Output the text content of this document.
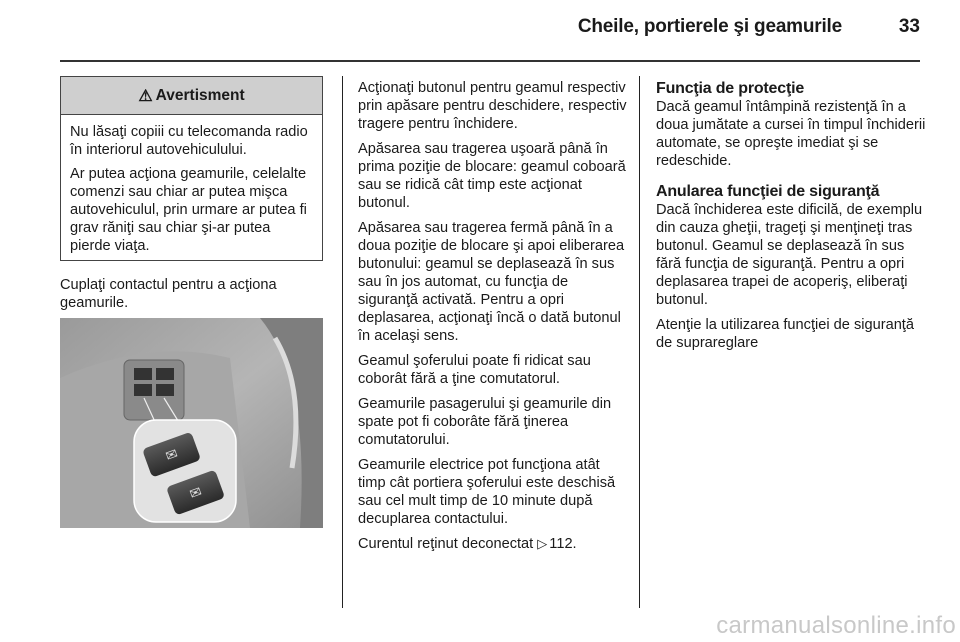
Cheile, portierele şi geamurile	33
⚠ Avertisment

Nu lăsaţi copiii cu telecomanda radio în interiorul autovehiculului.

Ar putea acţiona geamurile, celelalte comenzi sau chiar ar putea mişca autovehiculul, prin urmare ar putea fi grav răniţi sau chiar şi-ar putea pierde viaţa.

Cuplaţi contactul pentru a acţiona geamurile.

✉
✉

Acţionaţi butonul pentru geamul respectiv prin apăsare pentru deschidere, respectiv tragere pentru închidere.

Apăsarea sau tragerea uşoară până în prima poziţie de blocare: geamul coboară sau se ridică cât timp este acţionat butonul.

Apăsarea sau tragerea fermă până în a doua poziţie de blocare şi apoi eliberarea butonului: geamul se deplasează în sus sau în jos automat, cu funcţia de siguranţă activată. Pentru a opri deplasarea, acţionaţi încă o dată butonul în acelaşi sens.

Geamul şoferului poate fi ridicat sau coborât fără a ţine comutatorul.

Geamurile pasagerului şi geamurile din spate pot fi coborâte fără ţinerea comutatorului.

Geamurile electrice pot funcţiona atât timp cât portiera şoferului este deschisă sau cel mult timp de 10 minute după decuplarea contactului.

Curentul reţinut deconectat ▷ 112.

Funcţia de protecţie

Dacă geamul întâmpină rezistenţă în a doua jumătate a cursei în timpul închiderii automate, se opreşte imediat şi se redeschide.

Anularea funcţiei de siguranţă

Dacă închiderea este dificilă, de exemplu din cauza gheţii, trageţi şi menţineţi tras butonul. Geamul se deplasează în sus fără funcţia de siguranţă. Pentru a opri deplasarea trapei de acoperiş, eliberaţi butonul.

Atenţie la utilizarea funcţiei de siguranţă de suprareglare

carmanualsonline.info
